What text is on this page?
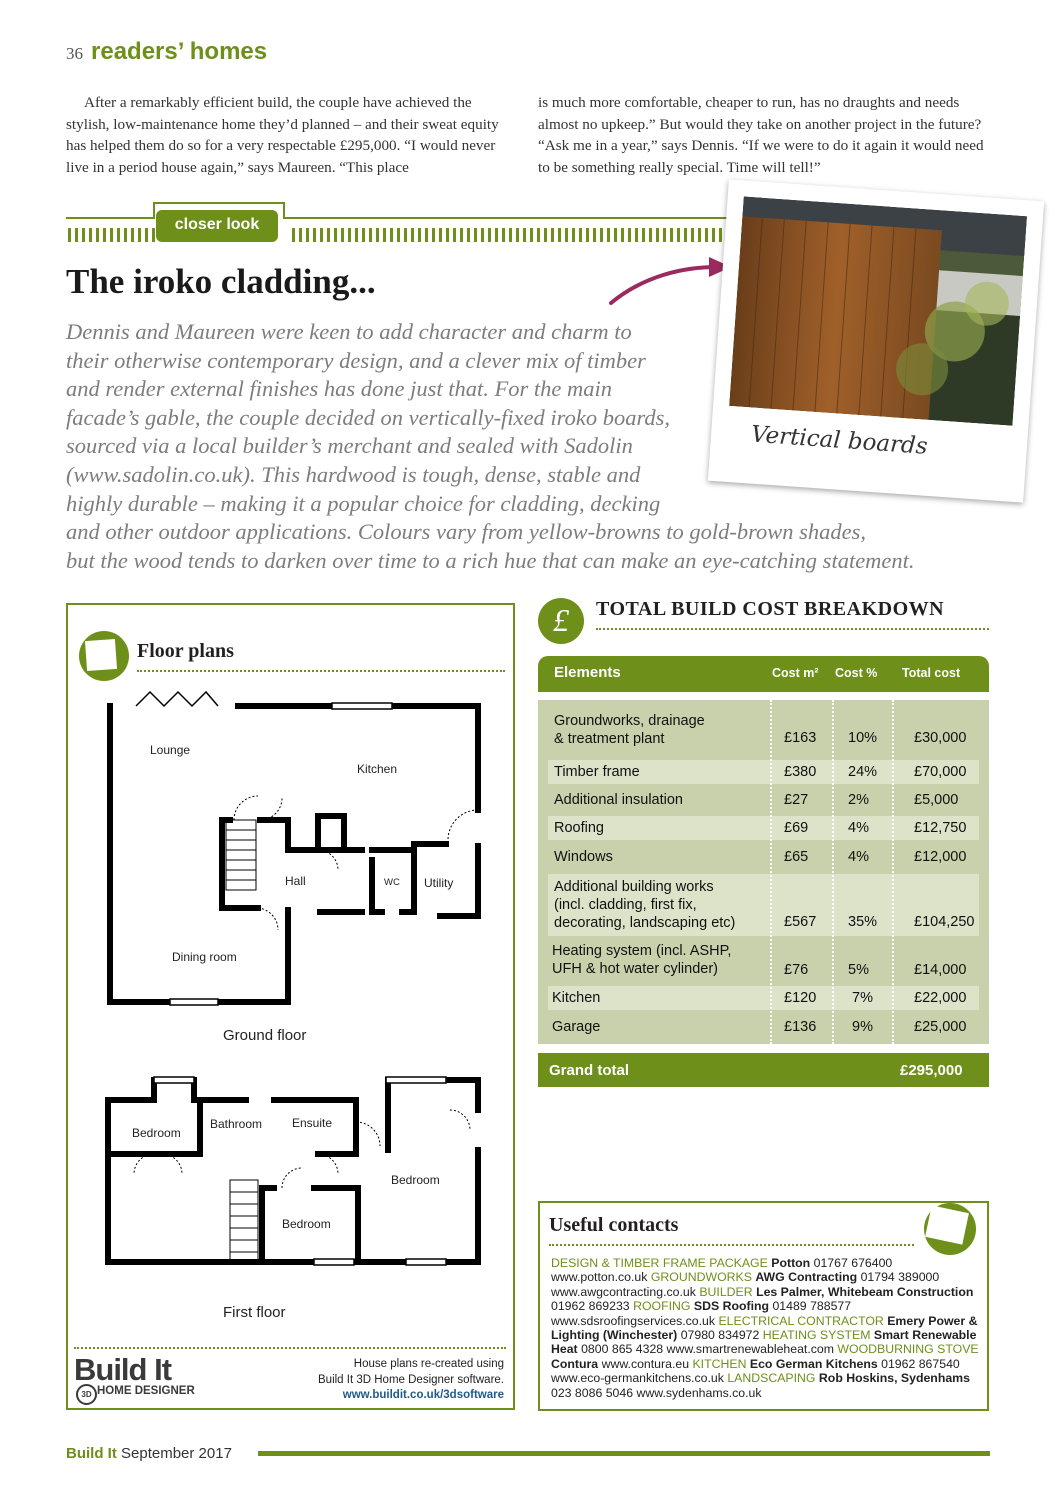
36 readers’ homes

After a remarkably efficient build, the couple have achieved the stylish, low-maintenance home they’d planned – and their sweat equity has helped them do so for a very respectable £295,000. “I would never live in a period house again,” says Maureen. “This place

is much more comfortable, cheaper to run, has no draughts and needs almost no upkeep.” But would they take on another project in the future? “Ask me in a year,” says Dennis. “If we were to do it again it would need to be something really special. Time will tell!”

closer look
The iroko cladding...
Dennis and Maureen were keen to add character and charm to
their otherwise contemporary design, and a clever mix of timber
and render external finishes has done just that. For the main
facade’s gable, the couple decided on vertically-fixed iroko boards,
sourced via a local builder’s merchant and sealed with Sadolin
(www.sadolin.co.uk). This hardwood is tough, dense, stable and
highly durable – making it a popular choice for cladding, decking
and other outdoor applications. Colours vary from yellow-browns to gold-brown shades,
but the wood tends to darken over time to a rich hue that can make an eye-catching statement.
Vertical boards
Floor plans
Lounge
Kitchen
Hall	WC Utility
Dining room
Ground floor
Bedroom
Bathroom Ensuite
Bedroom
Bedroom
First floor
Build It
3D HOME DESIGNER
House plans re-created using
Build It 3D Home Designer software.
www.buildit.co.uk/3dsoftware
£	TOTAL BUILD COST BREAKDOWN
Elements	Cost m² Cost % Total cost
Groundworks, drainage
& treatment plant	£163 10%	£30,000
Timber frame	£380 24%	£70,000
Additional insulation	£27	2%	£5,000
Roofing	£69	4%	£12,750
Windows	£65	4%	£12,000
Additional building works
(incl. cladding, first fix,
decorating, landscaping etc)	£567 35%	£104,250
Heating system (incl. ASHP,
UFH & hot water cylinder)	£76	5%	£14,000
Kitchen	£120 7%	£22,000
Garage	£136 9%	£25,000
Grand total	£295,000
Useful contacts
DESIGN & TIMBER FRAME PACKAGE Potton 01767 676400 www.potton.co.uk GROUNDWORKS AWG Contracting 01794 389000 www.awgcontracting.co.uk BUILDER Les Palmer, Whitebeam Construction 01962 869233 ROOFING SDS Roofing 01489 788577 www.sdsroofingservices.co.uk ELECTRICAL CONTRACTOR Emery Power & Lighting (Winchester) 07980 834972 HEATING SYSTEM Smart Renewable Heat 0800 865 4328 www.smartrenewableheat.com WOODBURNING STOVE Contura www.contura.eu KITCHEN Eco German Kitchens 01962 867540 www.eco-germankitchens.co.uk LANDSCAPING Rob Hoskins, Sydenhams 023 8086 5046 www.sydenhams.co.uk
Build It September 2017
